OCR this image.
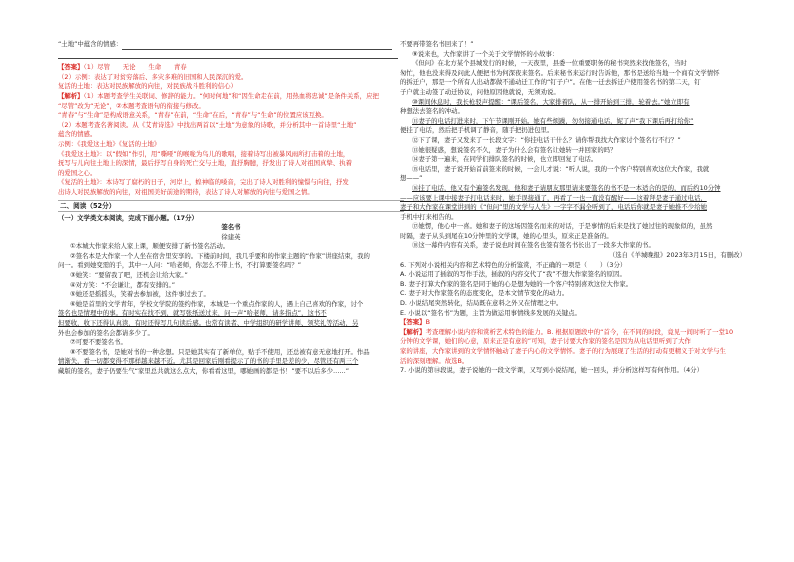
“土地”中蕴含的情感：
【答案】（1）尽管　　无论　　生命　　青春
（2）示例：表达了对贫穷落后、多灾多难的旧国和人民深沉的爱。
复活的土地：表达对民族解放的向往，对民族战斗胜利的信心）
【解析】（1）本题考查学生关联词、修辞的能力。“何时何地”和“因生命走在前，用热血将忠诚”是条件关系，应把
“尽管”改为“无论”，②本题考查语句的衔接与修改。
“青春”与“生命”是构成语意关系，“青春”在前，“生命”在后，“青春”与“生命”的位置应该互换。
（2）本题考查名著阅读。从《艾青诗选》中找出两首以“土地”为意象的诗歌，并分析其中一首诗里“土地”
蕴含的情感。
示例：《我爱这土地》《复活的土地》
《我爱这土地》：以“假如”作引，用“嘶哑”的喉咙为鸟儿的歌唱，接着诗写出被暴风雨所打击着的土地，
抚写与儿向往土地上的深情，最后抒写自身的死亡交与土地，直抒胸臆，抒发出了诗人对祖国真挚、执着
的爱国之心。
《复活的土地》：本诗写了腐朽的日子，河岸上，蝗神临的嗓音，完出了诗人对胜利的憧憬与向往，抒发
出诗人对民族解放的向往，对祖国美好前途的期待，表达了诗人对解放的向往与爱国之情。
二、阅读（52分）
（一）文学类文本阅读，完成下面小题。（17分）
签名书
徐建英
①本城大作家来给人家上课，顺便安排了新书签名活动。
②签名本是大作家一个人坐在宿舍里安享的。下楼前时间，我几乎要和的作家主题的“作家”讲座结束，我的
问一。看到她变需的手，其中一人问：“哈老师，你怎么不带上书，不打算要签名吗？”
③她笑：“要留我了吧，还机会让给大家。”
④对方笑：“不会谦让，都有安排的。”
⑤她还是摇摇头，笑着去参加被，这件事过去了。
⑥她是首里的文学青年，学校文学院的签约作家，本城是一个重点作家的人，遇上自己喜欢的作家，讨个
签名也是情理中的事。有时实在找不到，就写张纸送过来，问一声“哈老师，请多指点”，这书不
但要收，收下还得认真读，有时还得写几句读后感。也常有读者、中学组织的研学讲师、领奖礼等活动，另
外也会参加的签名会都请多少了。
⑦可要不要签名书。
⑧不要签名书，是她对书的一种念想。只是她其实有了新单位，贴手不使用，还总被有意无意地打开。作品
情渐失，看一切都变得不那样越来越不近。尤其是回家后刚看提示了的书的手里是差的少，尽管还有两三个
藏版的签名，妻子仍要生气“家里总共就这么点大，你看看这里，哪她画的都是书！”要不以后多少……”
不要再带签名书回来了！”
⑨说来也，大作家讲了一个关于文学情怀的小故事：
《但问》在北方某个县城发行的时候，一天夜里，县委一位重要职务的秘书突然来找他签名，当时
匆忙，他也没来得及问此人便把书为何深夜来签名。后来秘书来运行时告诉他，那书是送给当地一个商有文学情怀
的拆迁户，那是一个所有人出动都做不通动迁工作的“钉子户”。在他一迁去拆迁户使用签名书的第二天，钉
子户就主动签了动迁协议，问他原因他就说，无须劝说。
⑩课间休息时，我长枪驳声提醒：“课后签名，大家排着队，从一排开始到三排，轮着去。”她立即有
种想法去签名的冲动。
⑪妻子的电话打进来时，下午节课刚开始。她有些烦躁，勿勿接通电话，妮了声“我下课后再打给你”
便挂了电话，然后把手机调了静音，随手把扔进包里。
⑫下了课，妻子又发来了一长段文字：“你挂电话干什么？请你帮我找大作家讨个签名行不行？”
⑬她很疑惑，想说签名不久，妻子为什么会有签名让她转一并回家的吗？
⑭妻子第一遍来，在同学们排队签名的时候，也立即回复了电话。
⑮电话里，妻子说开始首前签来的时候，一会儿才说：“听人说，我的一个客户特别喜欢这位大作家，我就
想——”
⑯挂了电话，他又有个遍签名发现，他和妻子请朋友那里请来要签名的书不是一本适合的是的，而后约10分钟
——应该要上课中接妻子打电话来时，她手误接通了，再看了一也一直没有醒好——这着拜是妻子通过电话，
妻子和大作家在课堂讲到的《“但问”里的文学与人生》一字字不漏全听到了，电话后你就是妻子她推不少给她
手机中打来相告的。
⑰她愣，他心中一喜。她和妻子的这场因签名而来的对话，于是事情的后来是找了她过往的现象似的，虽然
时隔，妻子从头到尾在10分钟里的文学课，她的心里头，原来正是准备的。
⑱这一幕件内容有关系，妻子说也时间在签名也签有签名书长出了一段多大作家的书。
（选自《羊城晚报》2023年3月15日，有删改）
6. 下列对小说相关内容和艺术特色的分析鉴赏，不正确的一项是（　　）（3分）
A. 小说运用了插叙的写作手法，插叙的内容交代了“我”不想大作家签名的原因。
B. 妻子打算大作家的签名是同于她的心是想为她的一个客户特别喜欢这位大作家。
C. 妻子对大作家签名的态度变化，是本文情节变化的动力。
D. 小说结尾突然转化，结局既在意料之外又在情理之中。
E. 小说以“签名书”为题，主旨为做运用事情线多发展的关键点。
【答案】B
【解析】考查理解小说内容和赏析艺术特色的能力。B. 根据原题段中的“首今，在不同的时段，竟见一间时听了一堂10
分钟的文学课，她们的心意，原来正是有意的”可知，妻子讨要大作家的签名是因为从电话里听到了大作
家的讲座，大作家讲到的文学情怀触动了妻子内心的文学情怀。妻子的行为展现了生活的打动有更精义于对文学与生
活的深刻理解。故选B。
7. 小说的第⑭段说，妻子说她的一段文学课，又写到小说结尾，她一回头，并分析这样写有何作用。（4分）
